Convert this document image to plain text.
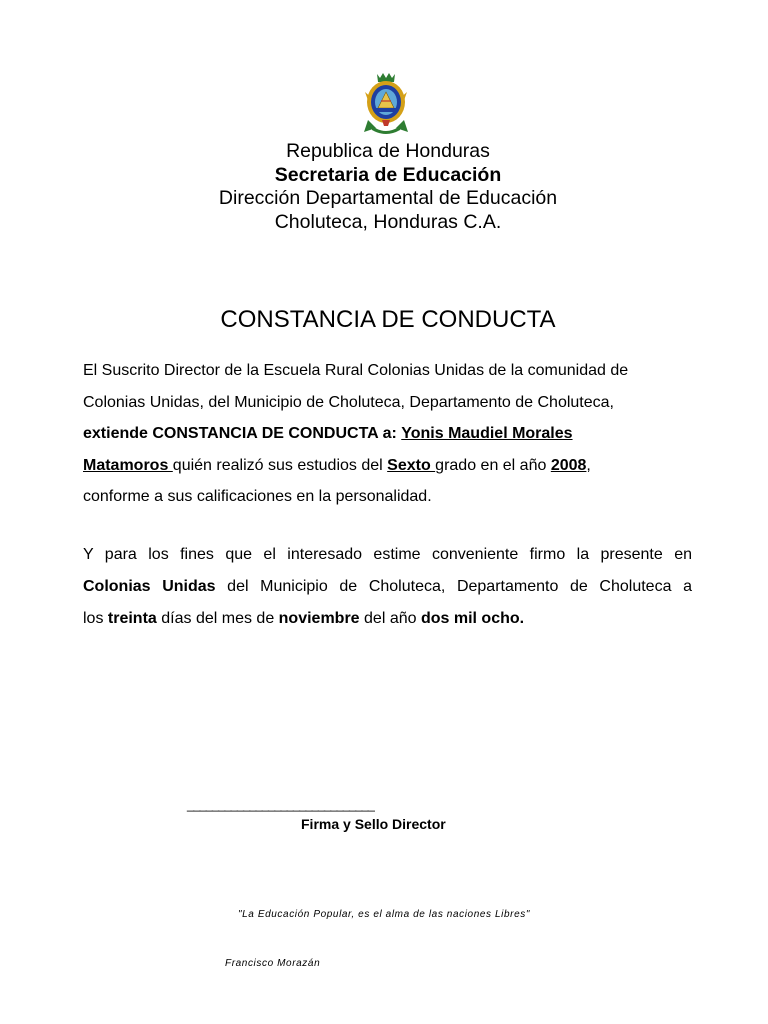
Republica de Honduras
Secretaria de Educación
Dirección Departamental de Educación
Choluteca, Honduras C.A.
CONSTANCIA DE CONDUCTA
El Suscrito Director de la Escuela Rural Colonias Unidas de la comunidad de
Colonias Unidas, del Municipio de Choluteca, Departamento de Choluteca,
extiende CONSTANCIA DE CONDUCTA a: Yonis Maudiel Morales
Matamoros quién realizó sus estudios del Sexto grado en el año 2008,
conforme a sus calificaciones en la personalidad.
Y para los fines que el interesado estime conveniente firmo la presente en
Colonias Unidas del Municipio de Choluteca, Departamento de Choluteca a
los treinta días del mes de noviembre del año dos mil ocho.
______________________________
Firma y Sello Director
"La Educación Popular, es el alma de las naciones Libres"
Francisco Morazán
